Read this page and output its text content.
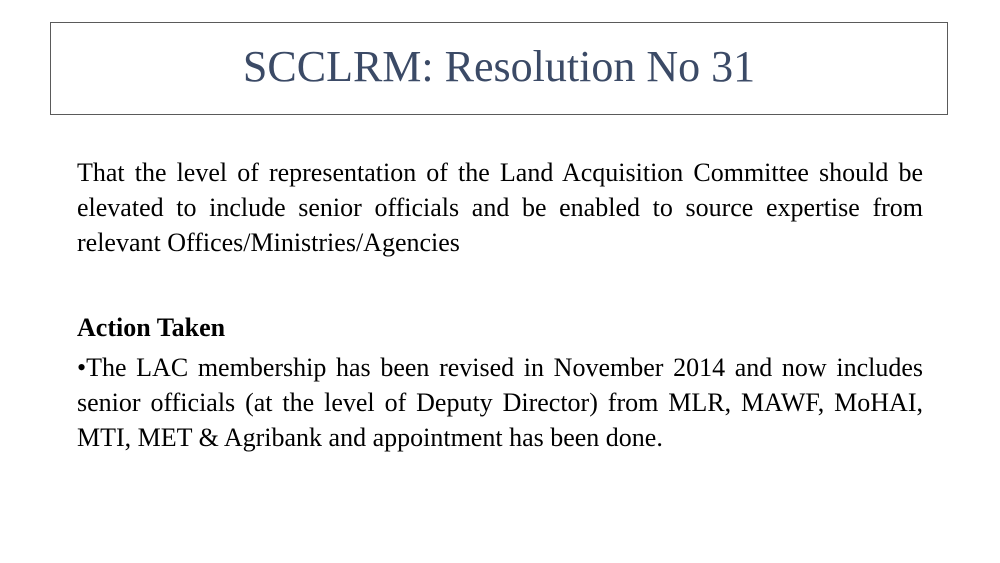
SCCLRM: Resolution No 31

That the level of representation of the Land Acquisition Committee should be elevated to include senior officials and be enabled to source expertise from relevant Offices/Ministries/Agencies

Action Taken

•The LAC membership has been revised in November 2014 and now includes senior officials (at the level of Deputy Director) from MLR, MAWF, MoHAI, MTI, MET & Agribank and appointment has been done.
